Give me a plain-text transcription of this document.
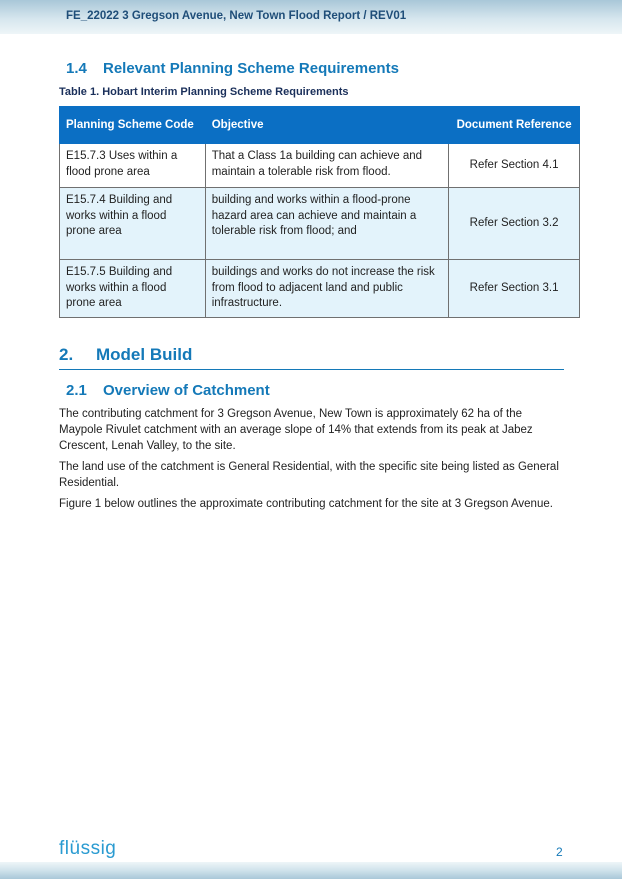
FE_22022 3 Gregson Avenue, New Town Flood Report / REV01
1.4 Relevant Planning Scheme Requirements
Table 1. Hobart Interim Planning Scheme Requirements
Planning Scheme Code	Objective	Document Reference
E15.7.3 Uses within a flood prone area	That a Class 1a building can achieve and maintain a tolerable risk from flood.	Refer Section 4.1
E15.7.4 Building and works within a flood prone area	building and works within a flood-prone hazard area can achieve and maintain a tolerable risk from flood; and	Refer Section 3.2
E15.7.5 Building and works within a flood prone area	buildings and works do not increase the risk from flood to adjacent land and public infrastructure.	Refer Section 3.1
2. Model Build
2.1 Overview of Catchment

The contributing catchment for 3 Gregson Avenue, New Town is approximately 62 ha of the Maypole Rivulet catchment with an average slope of 14% that extends from its peak at Jabez Crescent, Lenah Valley, to the site.

The land use of the catchment is General Residential, with the specific site being listed as General Residential.

Figure 1 below outlines the approximate contributing catchment for the site at 3 Gregson Avenue.

flüssig	2
